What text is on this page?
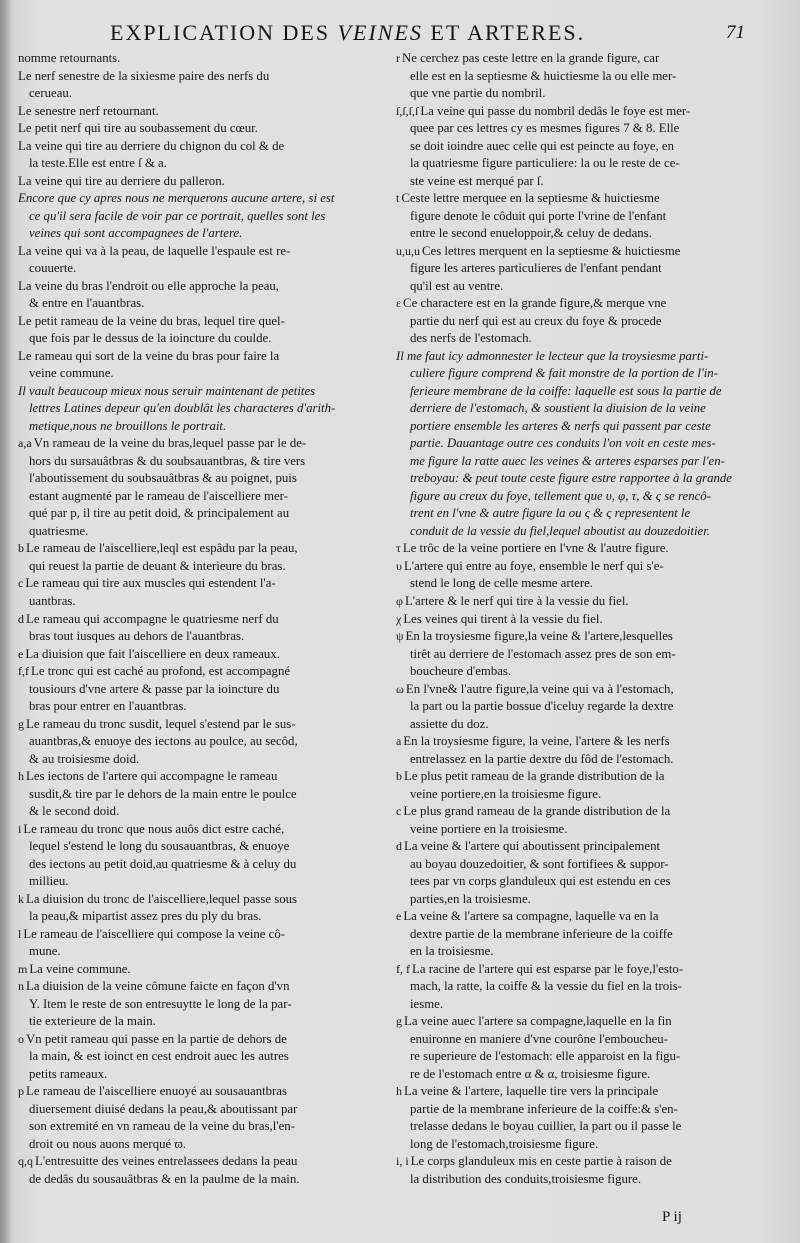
EXPLICATION DES VEINES ET ARTERES.	71
nomme retournants.
Le nerf senestre de la sixiesme paire des nerfs du
cerueau.
Le senestre nerf retournant.
Le petit nerf qui tire au soubassement du cœur.
La veine qui tire au derriere du chignon du col & de
la teste.Elle est entre ſ & a.
La veine qui tire au derriere du palleron.
Encore que cy apres nous ne merquerons aucune artere, si est
ce qu'il sera facile de voir par ce portrait, quelles sont les
veines qui sont accompagnees de l'artere.
La veine qui va à la peau, de laquelle l'espaule est re-
couuerte.
La veine du bras l'endroit ou elle approche la peau,
& entre en l'auantbras.
Le petit rameau de la veine du bras, lequel tire quel-
que fois par le dessus de la ioincture du coulde.
Le rameau qui sort de la veine du bras pour faire la
veine commune.
Il vault beaucoup mieux nous seruir maintenant de petites
lettres Latines depeur qu'en doublât les characteres d'arith-
metique,nous ne brouillons le portrait.
a,a Vn rameau de la veine du bras,lequel passe par le de-
hors du sursauâtbras & du soubsauantbras, & tire vers
l'aboutissement du soubsauâtbras & au poignet, puis
estant augmenté par le rameau de l'aiscelliere mer-
qué par p, il tire au petit doid, & principalement au
quatriesme.
b Le rameau de l'aiscelliere,leql est espâdu par la peau,
qui reuest la partie de deuant & interieure du bras.
c Le rameau qui tire aux muscles qui estendent l'a-
uantbras.
d Le rameau qui accompagne le quatriesme nerf du
bras tout iusques au dehors de l'auantbras.
e La diuision que fait l'aiscelliere en deux rameaux.
f,f Le tronc qui est caché au profond, est accompagné
tousiours d'vne artere & passe par la ioincture du
bras pour entrer en l'auantbras.
g Le rameau du tronc susdit, lequel s'estend par le sus-
auantbras,& enuoye des iectons au poulce, au secôd,
& au troisiesme doid.
h Les iectons de l'artere qui accompagne le rameau
susdit,& tire par le dehors de la main entre le poulce
& le second doid.
i Le rameau du tronc que nous auôs dict estre caché,
lequel s'estend le long du sousauantbras, & enuoye
des iectons au petit doid,au quatriesme & à celuy du
millieu.
k La diuision du tronc de l'aiscelliere,lequel passe sous
la peau,& mipartist assez pres du ply du bras.
l Le rameau de l'aiscelliere qui compose la veine cô-
mune.
m La veine commune.
n La diuision de la veine cômune faicte en façon d'vn
Y. Item le reste de son entresuytte le long de la par-
tie exterieure de la main.
o Vn petit rameau qui passe en la partie de dehors de
la main, & est ioinct en cest endroit auec les autres
petits rameaux.
p Le rameau de l'aiscelliere enuoyé au sousauantbras
diuersement diuisé dedans la peau,& aboutissant par
son extremité en vn rameau de la veine du bras,l'en-
droit ou nous auons merqué ϖ.
q,q L'entresuitte des veines entrelassees dedans la peau
de dedâs du sousauâtbras & en la paulme de la main.
r Ne cerchez pas ceste lettre en la grande figure, car
elle est en la septiesme & huictiesme la ou elle mer-
que vne partie du nombril.
ſ,ſ,ſ,ſ La veine qui passe du nombril dedâs le foye est mer-
quee par ces lettres cy es mesmes figures 7 & 8. Elle
se doit ioindre auec celle qui est peincte au foye, en
la quatriesme figure particuliere: la ou le reste de ce-
ste veine est merqué par ſ.
t Ceste lettre merquee en la septiesme & huictiesme
figure denote le côduit qui porte l'vrine de l'enfant
entre le second enueloppoir,& celuy de dedans.
u,u,u Ces lettres merquent en la septiesme & huictiesme
figure les arteres particulieres de l'enfant pendant
qu'il est au ventre.
ε Ce charactere est en la grande figure,& merque vne
partie du nerf qui est au creux du foye & procede
des nerfs de l'estomach.
Il me faut icy admonnester le lecteur que la troysiesme parti-
culiere figure comprend & fait monstre de la portion de l'in-
ferieure membrane de la coiffe: laquelle est sous la partie de
derriere de l'estomach, & soustient la diuision de la veine
portiere ensemble les arteres & nerfs qui passent par ceste
partie. Dauantage outre ces conduits l'on voit en ceste mes-
me figure la ratte auec les veines & arteres esparses par l'en-
treboyau: & peut toute ceste figure estre rapportee à la grande
figure au creux du foye, tellement que υ, φ, τ, & ς se rencô-
trent en l'vne & autre figure la ou ς & ς representent le
conduit de la vessie du fiel,lequel aboutist au douzedoitier.
τ Le trôc de la veine portiere en l'vne & l'autre figure.
υ L'artere qui entre au foye, ensemble le nerf qui s'e-
stend le long de celle mesme artere.
φ L'artere & le nerf qui tire à la vessie du fiel.
χ Les veines qui tirent à la vessie du fiel.
ψ En la troysiesme figure,la veine & l'artere,lesquelles
tirêt au derriere de l'estomach assez pres de son em-
boucheure d'embas.
ω En l'vne& l'autre figure,la veine qui va à l'estomach,
la part ou la partie bossue d'iceluy regarde la dextre
assiette du doz.
a En la troysiesme figure, la veine, l'artere & les nerfs
entrelassez en la partie dextre du fôd de l'estomach.
b Le plus petit rameau de la grande distribution de la
veine portiere,en la troisiesme figure.
c Le plus grand rameau de la grande distribution de la
veine portiere en la troisiesme.
d La veine & l'artere qui aboutissent principalement
au boyau douzedoitier, & sont fortifiees & suppor-
tees par vn corps glanduleux qui est estendu en ces
parties,en la troisiesme.
e La veine & l'artere sa compagne, laquelle va en la
dextre partie de la membrane inferieure de la coiffe
en la troisiesme.
f, f La racine de l'artere qui est esparse par le foye,l'esto-
mach, la ratte, la coiffe & la vessie du fiel en la trois-
iesme.
g La veine auec l'artere sa compagne,laquelle en la fin
enuironne en maniere d'vne courône l'emboucheu-
re superieure de l'estomach: elle apparoist en la figu-
re de l'estomach entre α & α, troisiesme figure.
h La veine & l'artere, laquelle tire vers la principale
partie de la membrane inferieure de la coiffe:& s'en-
trelasse dedans le boyau cuillier, la part ou il passe le
long de l'estomach,troisiesme figure.
i, i Le corps glanduleux mis en ceste partie à raison de
la distribution des conduits,troisiesme figure.
P ij
